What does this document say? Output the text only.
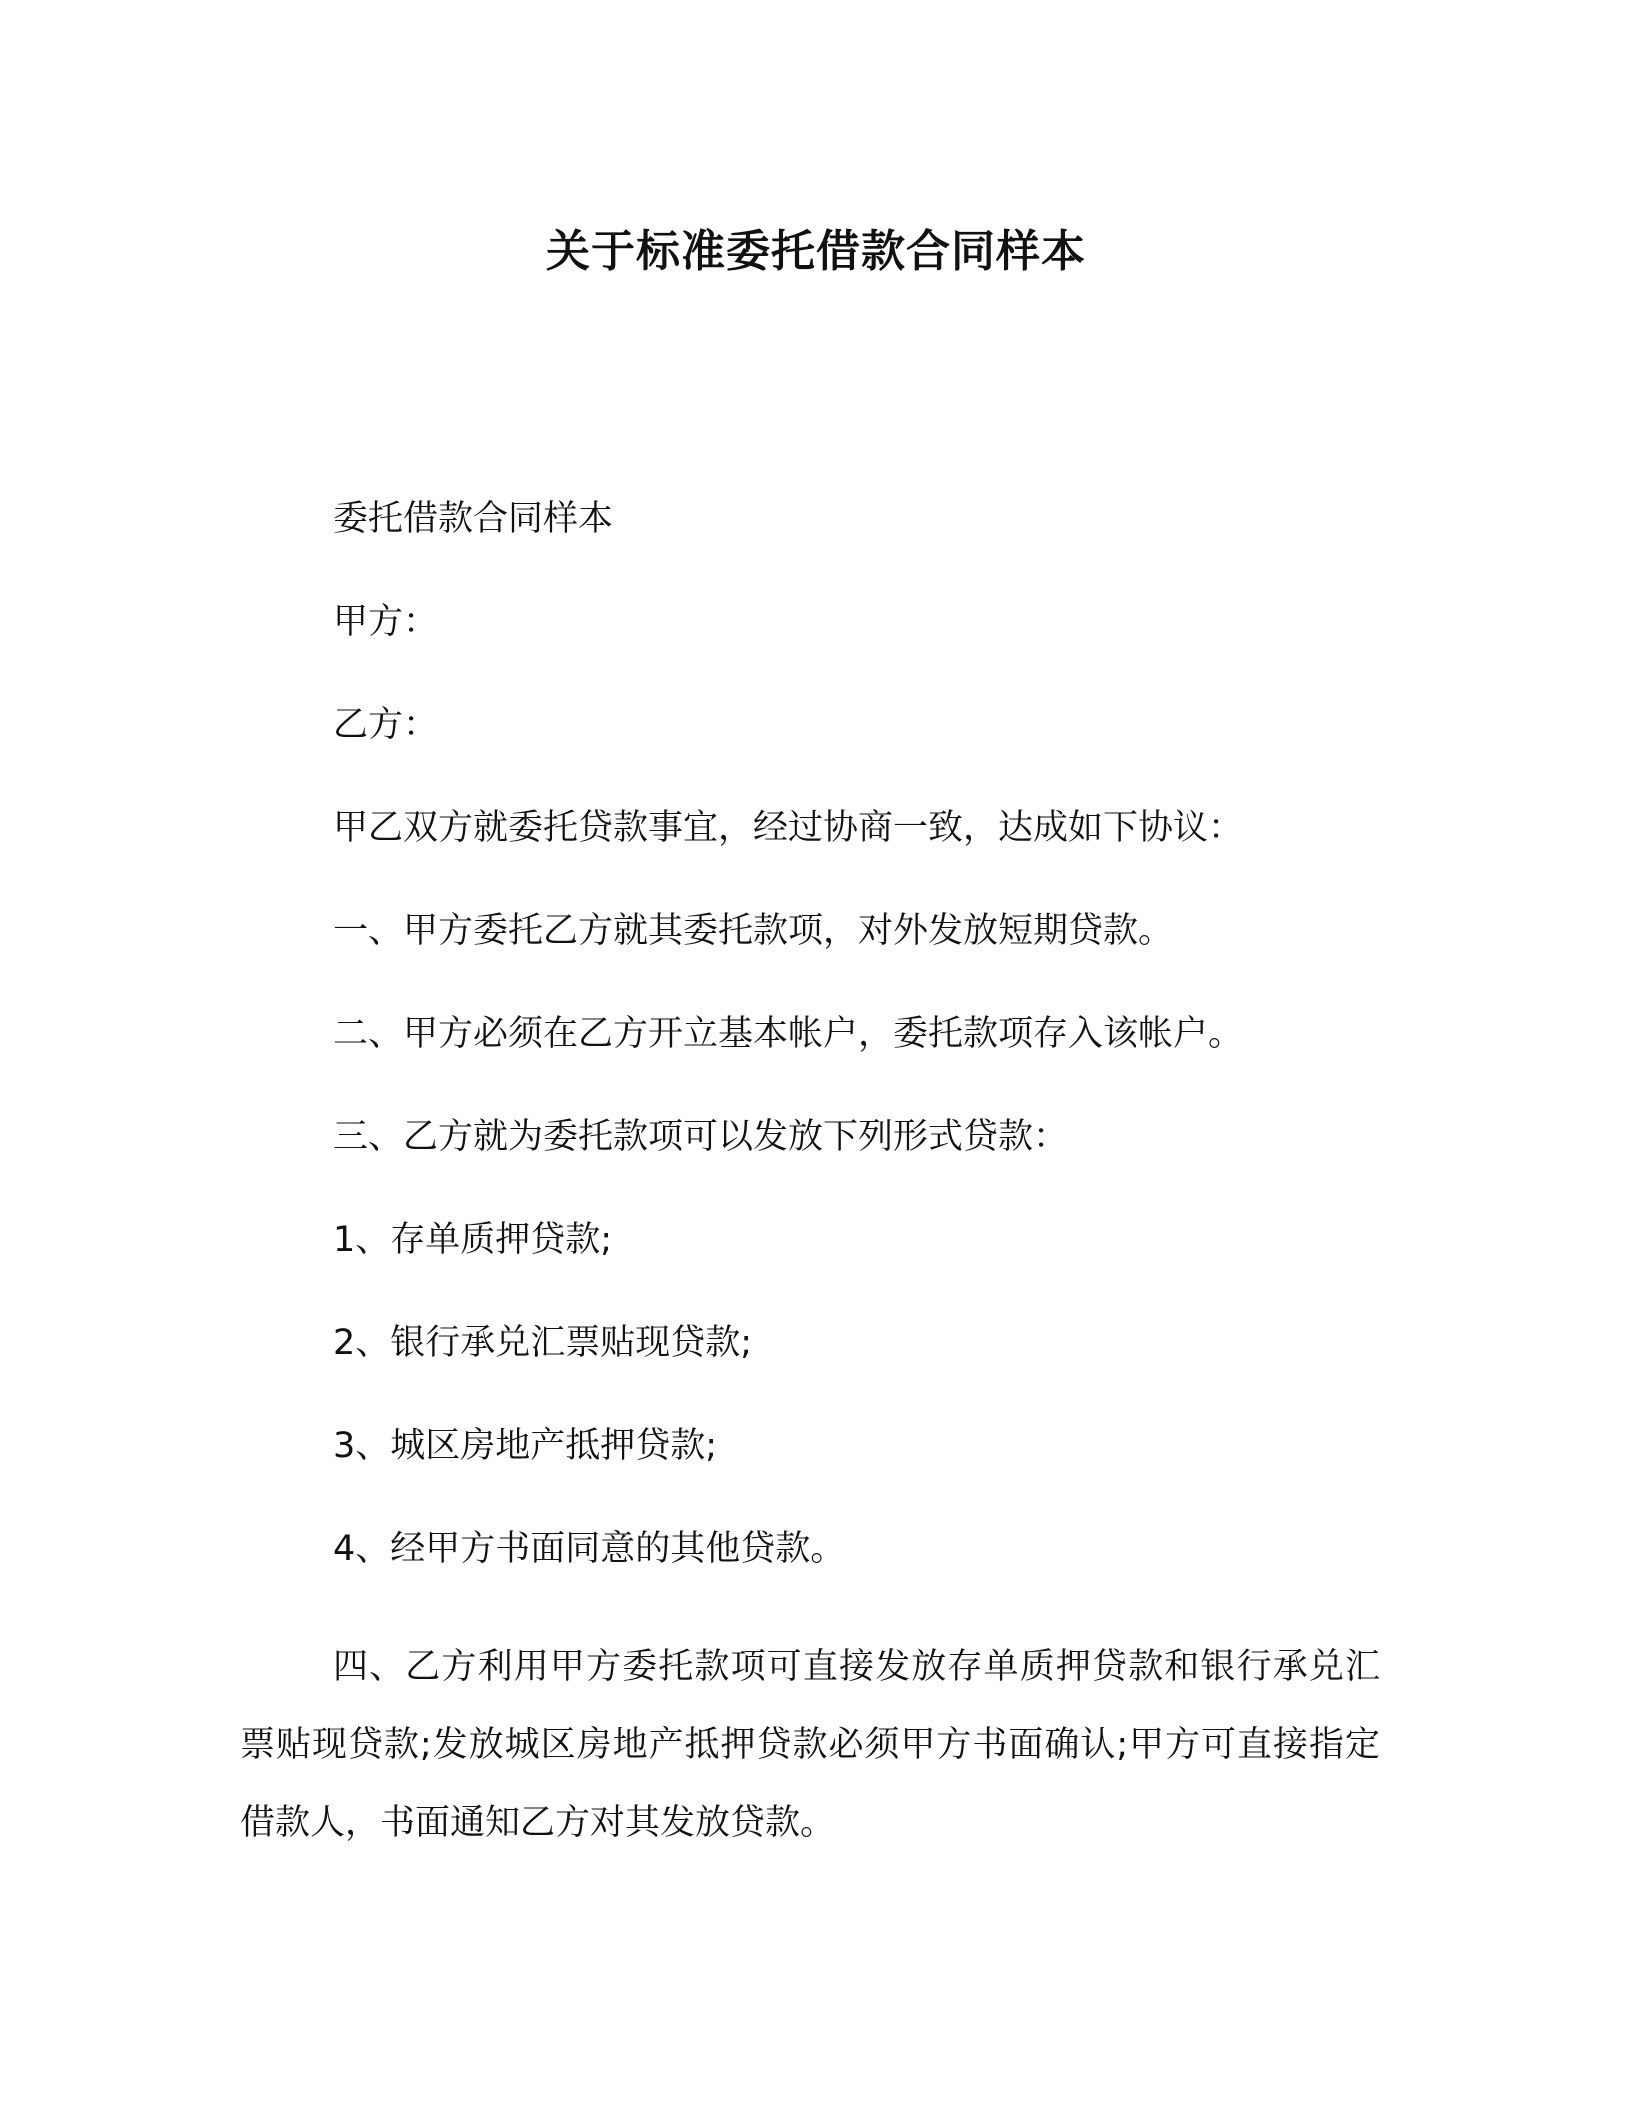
关于标准委托借款合同样本
委托借款合同样本
甲方：
乙方：
甲乙双方就委托贷款事宜，经过协商一致，达成如下协议：
一、甲方委托乙方就其委托款项，对外发放短期贷款。
二、甲方必须在乙方开立基本帐户，委托款项存入该帐户。
三、乙方就为委托款项可以发放下列形式贷款：
1、存单质押贷款;
2、银行承兑汇票贴现贷款;
3、城区房地产抵押贷款;
4、经甲方书面同意的其他贷款。
四、乙方利用甲方委托款项可直接发放存单质押贷款和银行承兑汇票贴现贷款;发放城区房地产抵押贷款必须甲方书面确认;甲方可直接指定借款人，书面通知乙方对其发放贷款。
